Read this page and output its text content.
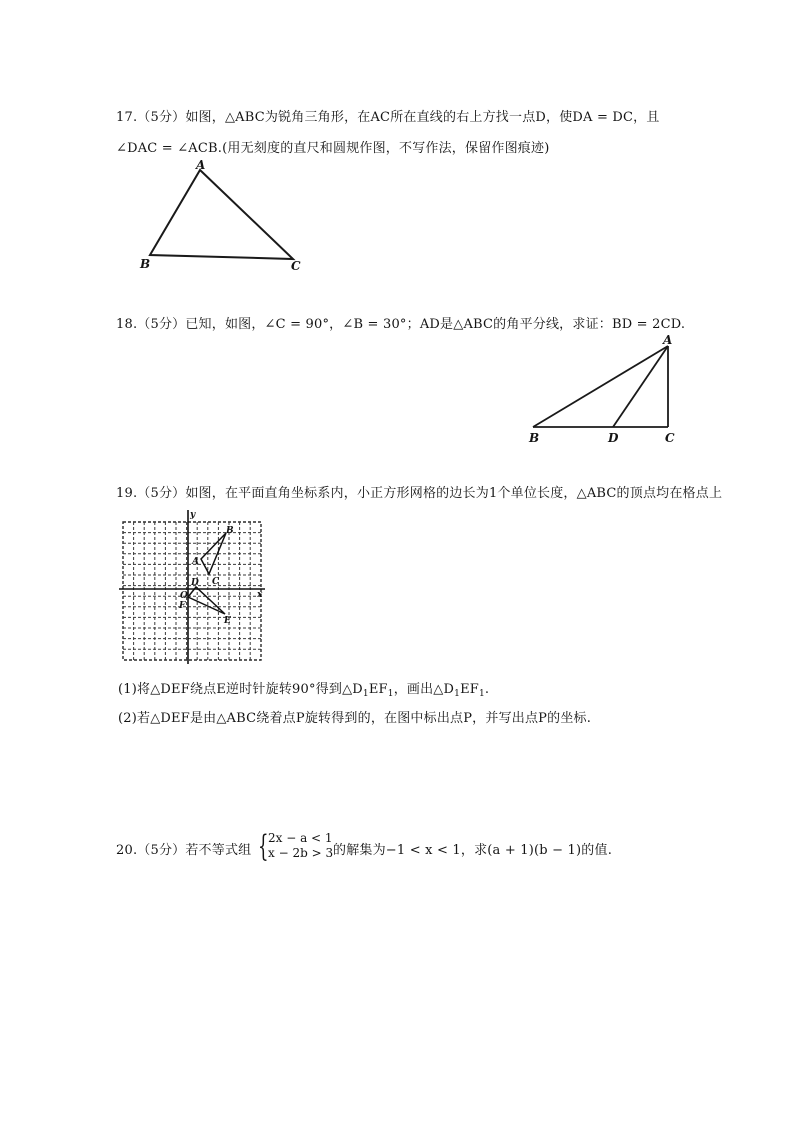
17.（5分）如图，△ABC为锐角三角形，在AC所在直线的右上方找一点D，使DA = DC，且
∠DAC = ∠ACB.(用无刻度的直尺和圆规作图，不写作法，保留作图痕迹)
A
B	C
18.（5分）已知，如图，∠C = 90°，∠B = 30°；AD是△ABC的角平分线，求证：BD = 2CD.
A
B	D	C
19.（5分）如图，在平面直角坐标系内，小正方形网格的边长为1个单位长度，△ABC的顶点均在格点上
y
x
O
A
B
C
D
E
F
(1)将△DEF绕点E逆时针旋转90°得到$\triangle D_1EF_1$，画出$\triangle D_1EF_1$.
(2)若△DEF是由△ABC绕着点P旋转得到的，在图中标出点P，并写出点P的坐标.
20.（5分）若不等式组 { 2x − a < 1
x − 2b > 3 的解集为−1 < x < 1，求(a + 1)(b − 1)的值.
